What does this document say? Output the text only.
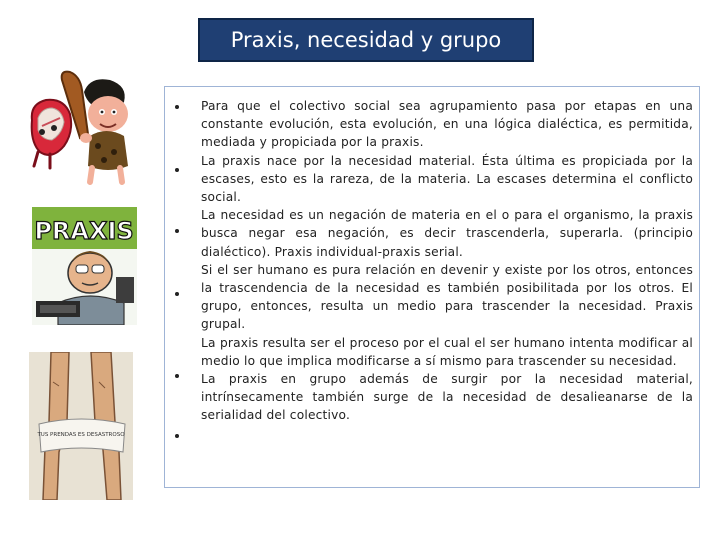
Praxis, necesidad y grupo
PRAXIS
TUS PRENDAS ES DESASTROSO

Para que el colectivo social sea agrupamiento pasa por etapas en una constante evolución, esta evolución, en una lógica dialéctica, es permitida, mediada y propiciada por la praxis.

La praxis nace por la necesidad material. Ésta última es propiciada por la escases, esto es la rareza, de la materia. La escases determina el conflicto social.

La necesidad es un negación de materia en el o para el organismo, la praxis busca negar esa negación, es decir trascenderla, superarla. (principio dialéctico). Praxis individual-praxis serial.

Si el ser humano es pura relación en devenir y existe por los otros, entonces la trascendencia de la necesidad es también posibilitada por los otros. El grupo, entonces, resulta un medio para trascender la necesidad. Praxis grupal.

La praxis resulta ser el proceso por el cual el ser humano intenta modificar al medio lo que implica modificarse a sí mismo para trascender su necesidad.

La praxis en grupo además de surgir por la necesidad material, intrínsecamente también surge de la necesidad de desalieanarse de la serialidad del colectivo.
